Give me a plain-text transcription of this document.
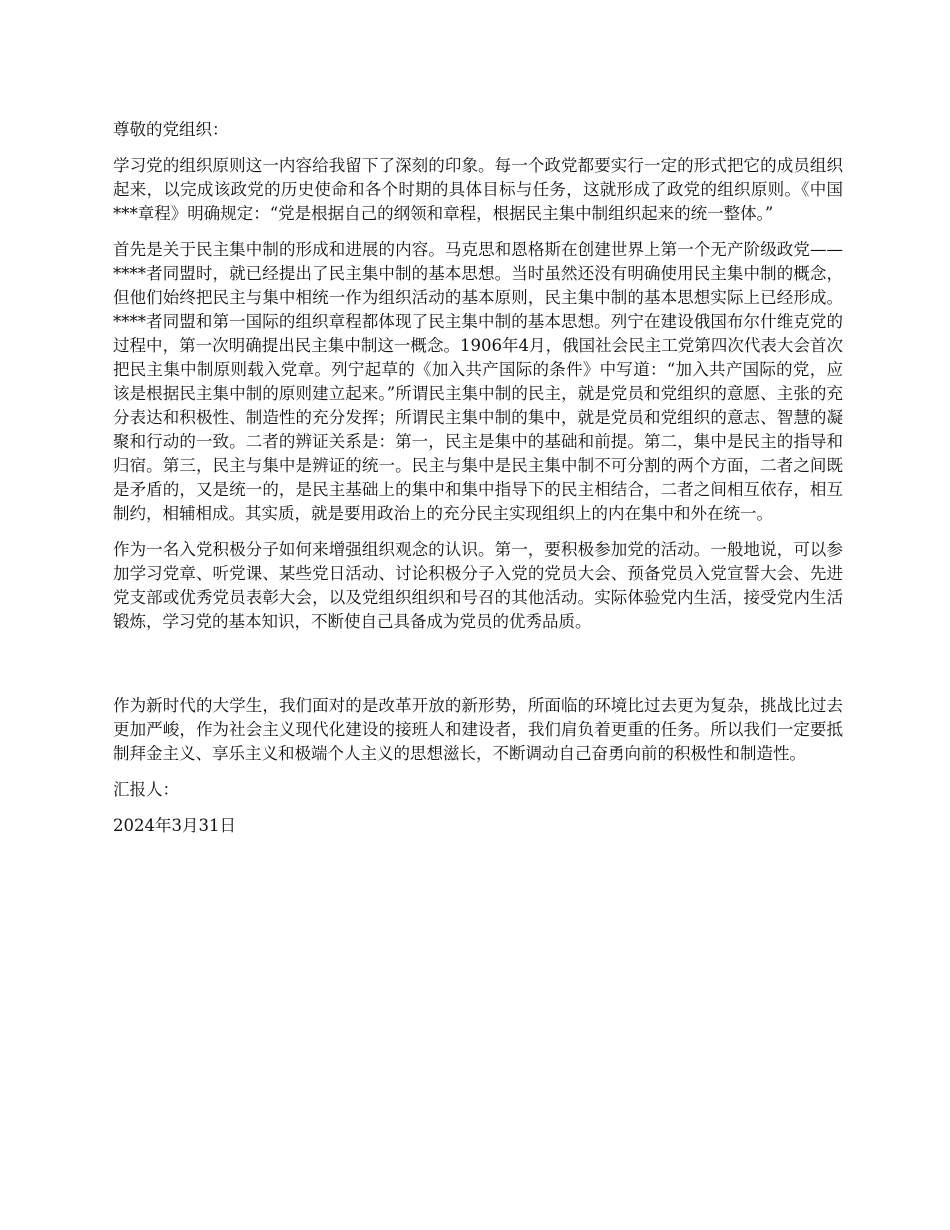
尊敬的党组织：

学习党的组织原则这一内容给我留下了深刻的印象。每一个政党都要实行一定的形式把它的成员组织起来，以完成该政党的历史使命和各个时期的具体目标与任务，这就形成了政党的组织原则。《中国***章程》明确规定：“党是根据自己的纲领和章程，根据民主集中制组织起来的统一整体。”

首先是关于民主集中制的形成和进展的内容。马克思和恩格斯在创建世界上第一个无产阶级政党——****者同盟时，就已经提出了民主集中制的基本思想。当时虽然还没有明确使用民主集中制的概念，但他们始终把民主与集中相统一作为组织活动的基本原则，民主集中制的基本思想实际上已经形成。****者同盟和第一国际的组织章程都体现了民主集中制的基本思想。列宁在建设俄国布尔什维克党的过程中，第一次明确提出民主集中制这一概念。1906年4月，俄国社会民主工党第四次代表大会首次把民主集中制原则载入党章。列宁起草的《加入共产国际的条件》中写道：“加入共产国际的党，应该是根据民主集中制的原则建立起来。”所谓民主集中制的民主，就是党员和党组织的意愿、主张的充分表达和积极性、制造性的充分发挥；所谓民主集中制的集中，就是党员和党组织的意志、智慧的凝聚和行动的一致。二者的辨证关系是：第一，民主是集中的基础和前提。第二，集中是民主的指导和归宿。第三，民主与集中是辨证的统一。民主与集中是民主集中制不可分割的两个方面，二者之间既是矛盾的，又是统一的，是民主基础上的集中和集中指导下的民主相结合，二者之间相互依存，相互制约，相辅相成。其实质，就是要用政治上的充分民主实现组织上的内在集中和外在统一。

作为一名入党积极分子如何来增强组织观念的认识。第一，要积极参加党的活动。一般地说，可以参加学习党章、听党课、某些党日活动、讨论积极分子入党的党员大会、预备党员入党宣誓大会、先进党支部或优秀党员表彰大会，以及党组织组织和号召的其他活动。实际体验党内生活，接受党内生活锻炼，学习党的基本知识，不断使自己具备成为党员的优秀品质。

作为新时代的大学生，我们面对的是改革开放的新形势，所面临的环境比过去更为复杂，挑战比过去更加严峻，作为社会主义现代化建设的接班人和建设者，我们肩负着更重的任务。所以我们一定要抵制拜金主义、享乐主义和极端个人主义的思想滋长，不断调动自己奋勇向前的积极性和制造性。

汇报人：

2024年3月31日
